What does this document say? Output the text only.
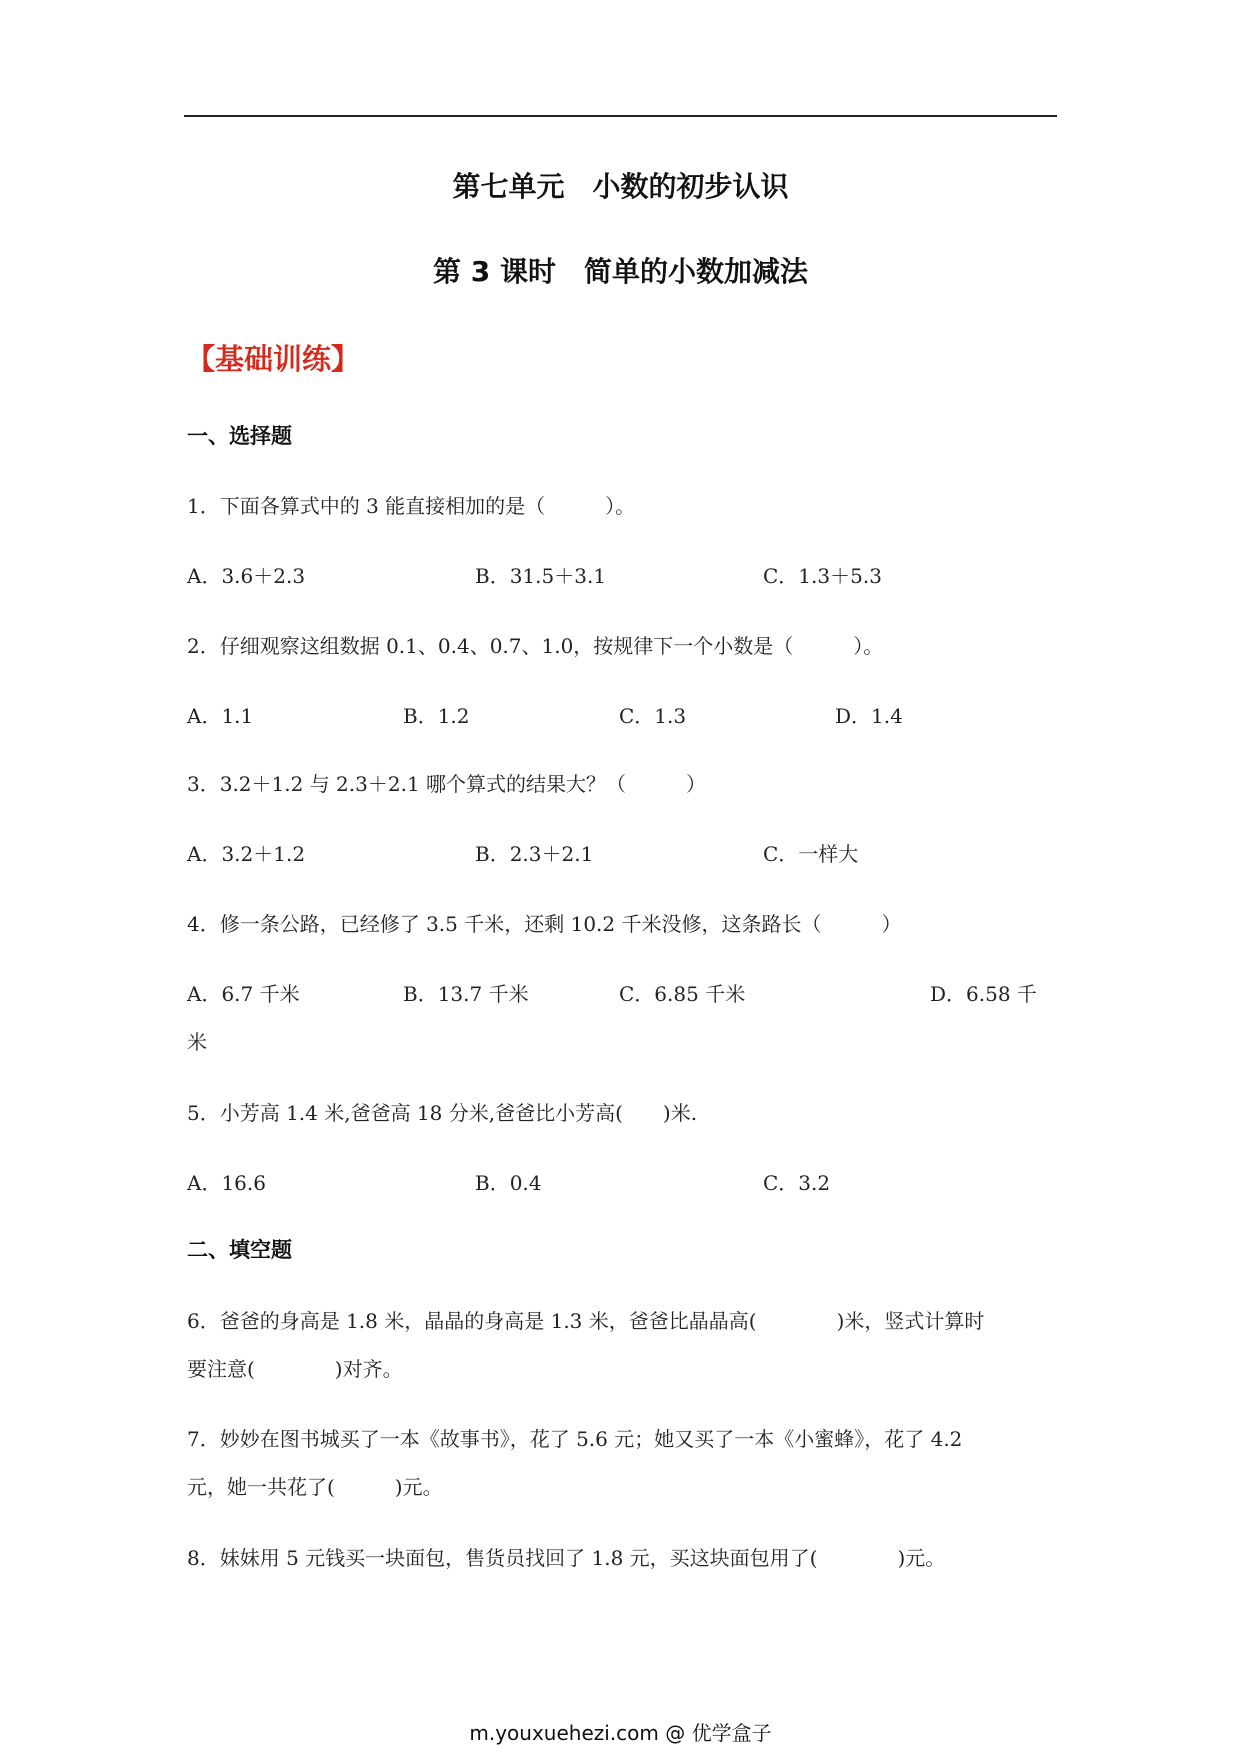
第七单元　小数的初步认识
第 3 课时　简单的小数加减法
【基础训练】
一、选择题
1．下面各算式中的 3 能直接相加的是（　　　）。
A．3.6＋2.3	B．31.5＋3.1	C．1.3＋5.3
2．仔细观察这组数据 0.1、0.4、0.7、1.0，按规律下一个小数是（　　　）。
A．1.1	B．1.2	C．1.3	D．1.4
3．3.2＋1.2 与 2.3＋2.1 哪个算式的结果大？（　　　）
A．3.2＋1.2	B．2.3＋2.1	C．一样大
4．修一条公路，已经修了 3.5 千米，还剩 10.2 千米没修，这条路长（　　　）
A．6.7 千米	B．13.7 千米	C．6.85 千米	D．6.58 千
米
5．小芳高 1.4 米,爸爸高 18 分米,爸爸比小芳高(　　)米.
A．16.6	B．0.4	C．3.2
二、填空题
6．爸爸的身高是 1.8 米，晶晶的身高是 1.3 米，爸爸比晶晶高(　　　　)米，竖式计算时
要注意(　　　　)对齐。
7．妙妙在图书城买了一本《故事书》，花了 5.6 元；她又买了一本《小蜜蜂》，花了 4.2
元，她一共花了(　　　)元。
8．妹妹用 5 元钱买一块面包，售货员找回了 1.8 元，买这块面包用了(　　　　)元。
m.youxuehezi.com @ 优学盒子
